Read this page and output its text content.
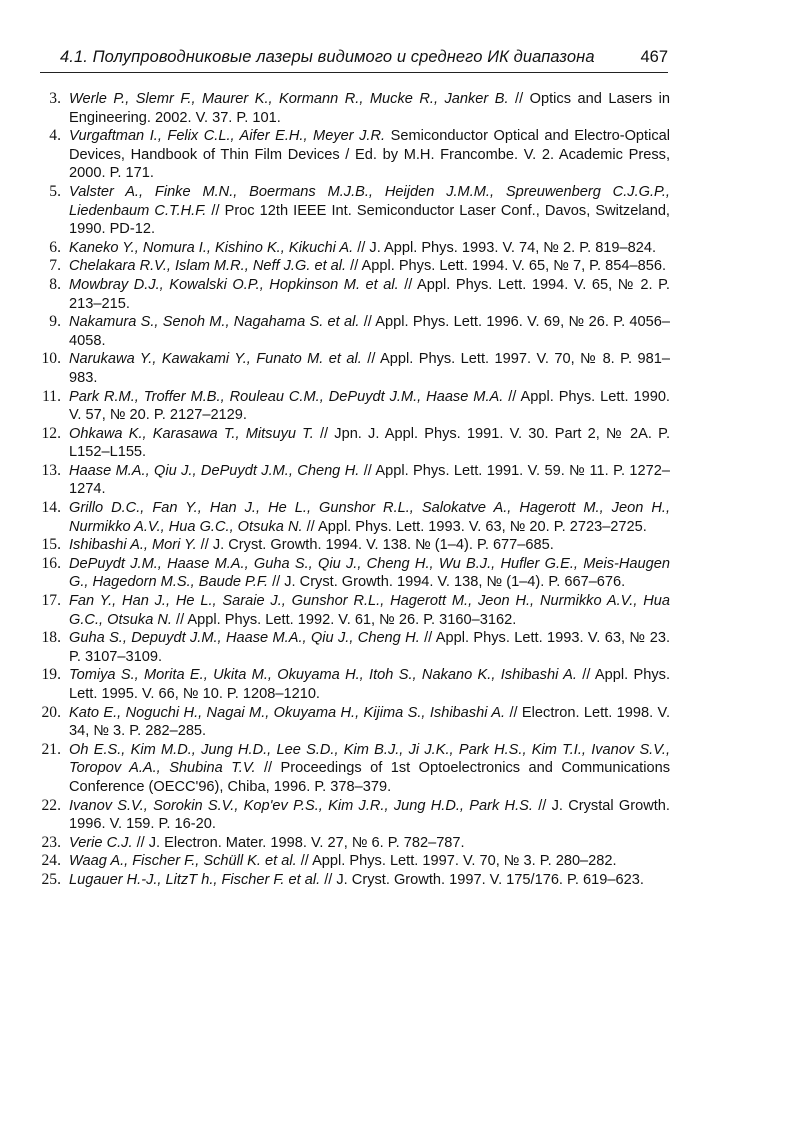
4.1. Полупроводниковые лазеры видимого и среднего ИК диапазона	467
3. Werle P., Slemr F., Maurer K., Kormann R., Mucke R., Janker B. // Optics and Lasers in Engineering. 2002. V. 37. P. 101.
4. Vurgaftman I., Felix C.L., Aifer E.H., Meyer J.R. Semiconductor Optical and Electro-Optical Devices, Handbook of Thin Film Devices / Ed. by M.H. Francombe. V. 2. Academic Press, 2000. P. 171.
5. Valster A., Finke M.N., Boermans M.J.B., Heijden J.M.M., Spreuwenberg C.J.G.P., Liedenbaum C.T.H.F. // Proc 12th IEEE Int. Semiconductor Laser Conf., Davos, Switzeland, 1990. PD-12.
6. Kaneko Y., Nomura I., Kishino K., Kikuchi A. // J. Appl. Phys. 1993. V. 74, № 2. P. 819–824.
7. Chelakara R.V., Islam M.R., Neff J.G. et al. // Appl. Phys. Lett. 1994. V. 65, № 7, P. 854–856.
8. Mowbray D.J., Kowalski O.P., Hopkinson M. et al. // Appl. Phys. Lett. 1994. V. 65, № 2. P. 213–215.
9. Nakamura S., Senoh M., Nagahama S. et al. // Appl. Phys. Lett. 1996. V. 69, № 26. P. 4056–4058.
10. Narukawa Y., Kawakami Y., Funato M. et al. // Appl. Phys. Lett. 1997. V. 70, № 8. P. 981–983.
11. Park R.M., Troffer M.B., Rouleau C.M., DePuydt J.M., Haase M.A. // Appl. Phys. Lett. 1990. V. 57, № 20. P. 2127–2129.
12. Ohkawa K., Karasawa T., Mitsuyu T. // Jpn. J. Appl. Phys. 1991. V. 30. Part 2, № 2A. P. L152–L155.
13. Haase M.A., Qiu J., DePuydt J.M., Cheng H. // Appl. Phys. Lett. 1991. V. 59. № 11. P. 1272–1274.
14. Grillo D.C., Fan Y., Han J., He L., Gunshor R.L., Salokatve A., Hagerott M., Jeon H., Nurmikko A.V., Hua G.C., Otsuka N. // Appl. Phys. Lett. 1993. V. 63, № 20. P. 2723–2725.
15. Ishibashi A., Mori Y. // J. Cryst. Growth. 1994. V. 138. № (1–4). P. 677–685.
16. DePuydt J.M., Haase M.A., Guha S., Qiu J., Cheng H., Wu B.J., Hufler G.E., Meis-Haugen G., Hagedorn M.S., Baude P.F. // J. Cryst. Growth. 1994. V. 138, № (1–4). P. 667–676.
17. Fan Y., Han J., He L., Saraie J., Gunshor R.L., Hagerott M., Jeon H., Nurmikko A.V., Hua G.C., Otsuka N. // Appl. Phys. Lett. 1992. V. 61, № 26. P. 3160–3162.
18. Guha S., Depuydt J.M., Haase M.A., Qiu J., Cheng H. // Appl. Phys. Lett. 1993. V. 63, № 23. P. 3107–3109.
19. Tomiya S., Morita E., Ukita M., Okuyama H., Itoh S., Nakano K., Ishibashi A. // Appl. Phys. Lett. 1995. V. 66, № 10. P. 1208–1210.
20. Kato E., Noguchi H., Nagai M., Okuyama H., Kijima S., Ishibashi A. // Electron. Lett. 1998. V. 34, № 3. P. 282–285.
21. Oh E.S., Kim M.D., Jung H.D., Lee S.D., Kim B.J., Ji J.K., Park H.S., Kim T.I., Ivanov S.V., Toropov A.A., Shubina T.V. // Proceedings of 1st Optoelectronics and Communications Conference (OECC'96), Chiba, 1996. P. 378–379.
22. Ivanov S.V., Sorokin S.V., Kop'ev P.S., Kim J.R., Jung H.D., Park H.S. // J. Crystal Growth. 1996. V. 159. P. 16-20.
23. Verie C.J. // J. Electron. Mater. 1998. V. 27, № 6. P. 782–787.
24. Waag A., Fischer F., Schüll K. et al. // Appl. Phys. Lett. 1997. V. 70, № 3. P. 280–282.
25. Lugauer H.-J., LitzT h., Fischer F. et al. // J. Cryst. Growth. 1997. V. 175/176. P. 619–623.
